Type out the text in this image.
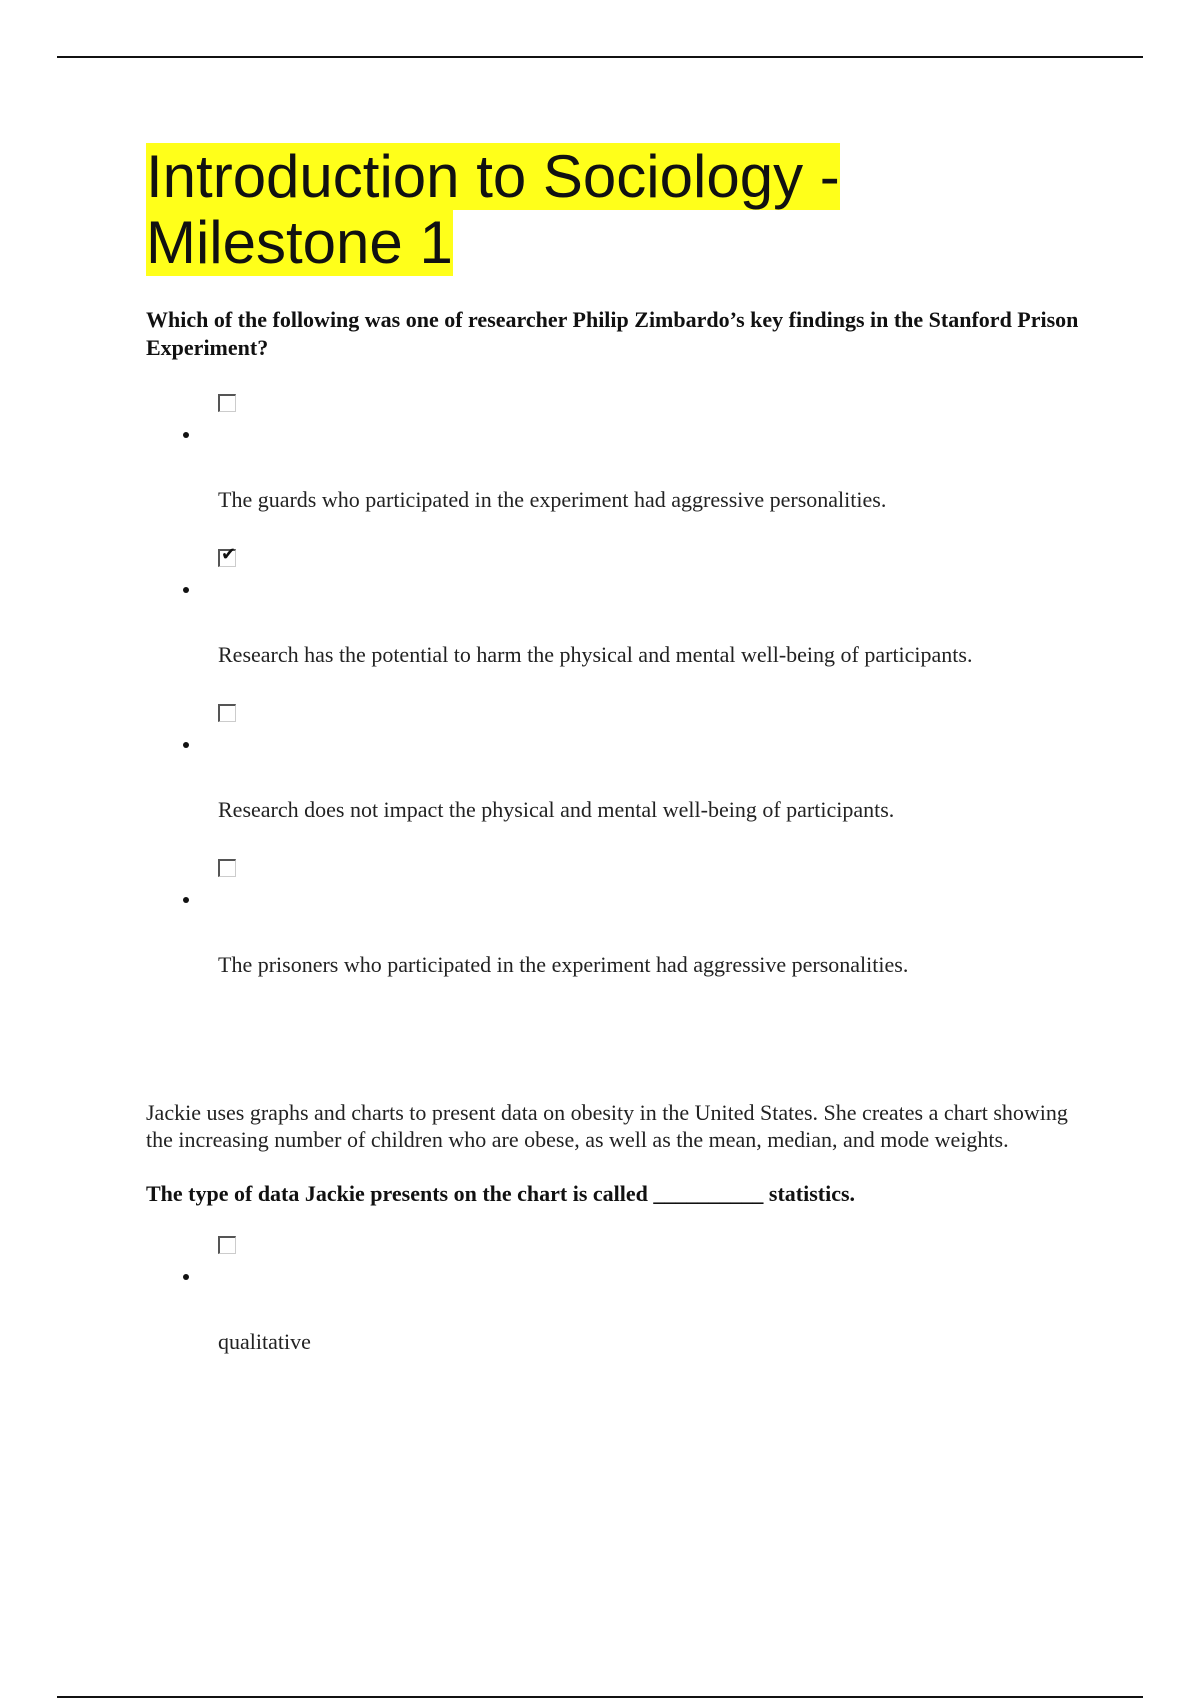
Introduction to Sociology - Milestone 1

Which of the following was one of researcher Philip Zimbardo’s key findings in the Stanford Prison Experiment?

The guards who participated in the experiment had aggressive personalities.
✔
Research has the potential to harm the physical and mental well-being of participants.
Research does not impact the physical and mental well-being of participants.
The prisoners who participated in the experiment had aggressive personalities.

Jackie uses graphs and charts to present data on obesity in the United States. She creates a chart showing the increasing number of children who are obese, as well as the mean, median, and mode weights.

The type of data Jackie presents on the chart is called __________ statistics.

qualitative
